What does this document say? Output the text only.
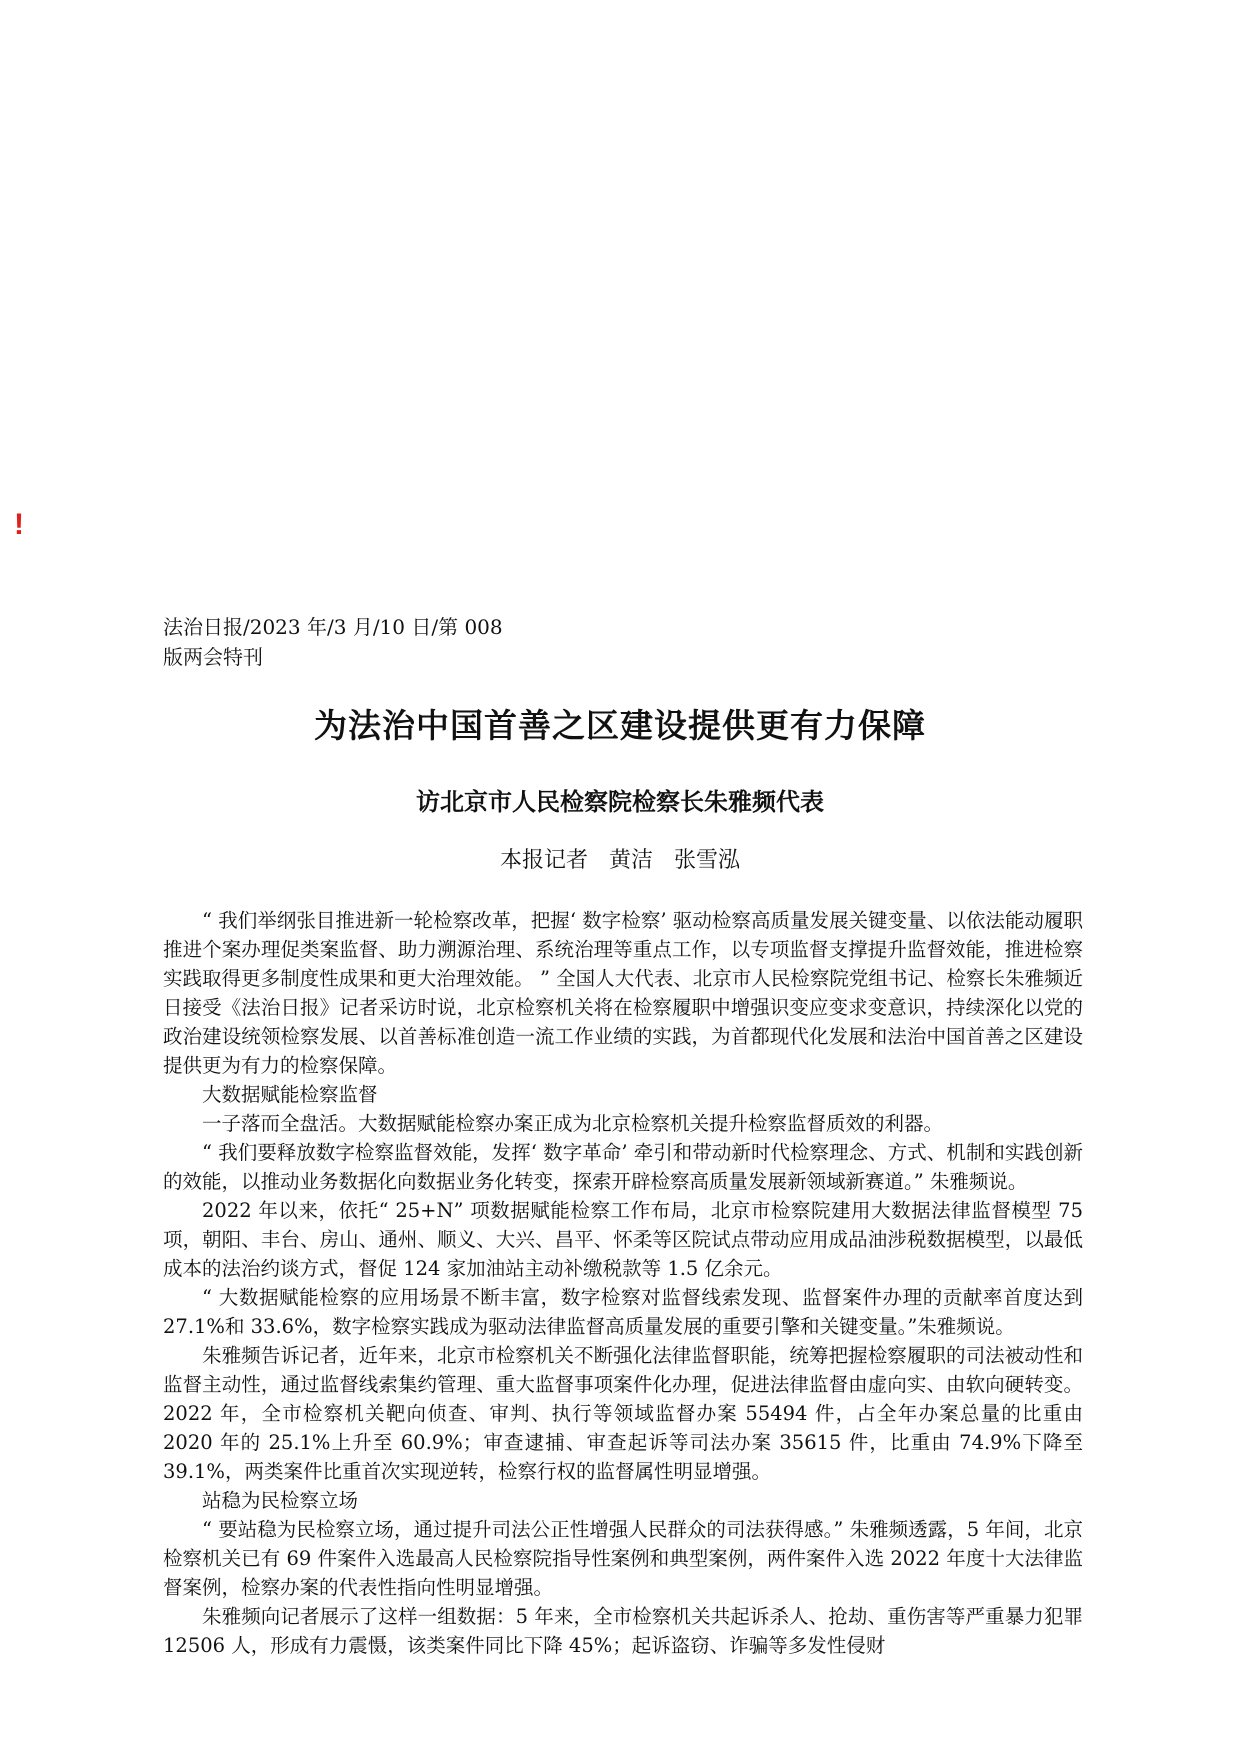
!
法治日报/2023 年/3 月/10 日/第 008 版两会特刊
为法治中国首善之区建设提供更有力保障
访北京市人民检察院检察长朱雅频代表
本报记者 黄洁 张雪泓

“ 我们举纲张目推进新一轮检察改革，把握‘ 数字检察’ 驱动检察高质量发展关键变量、以依法能动履职推进个案办理促类案监督、助力溯源治理、系统治理等重点工作，以专项监督支撑提升监督效能，推进检察实践取得更多制度性成果和更大治理效能。 ” 全国人大代表、北京市人民检察院党组书记、检察长朱雅频近日接受《法治日报》记者采访时说，北京检察机关将在检察履职中增强识变应变求变意识，持续深化以党的政治建设统领检察发展、以首善标准创造一流工作业绩的实践，为首都现代化发展和法治中国首善之区建设提供更为有力的检察保障。

大数据赋能检察监督

一子落而全盘活。大数据赋能检察办案正成为北京检察机关提升检察监督质效的利器。

“ 我们要释放数字检察监督效能，发挥‘ 数字革命’ 牵引和带动新时代检察理念、方式、机制和实践创新的效能，以推动业务数据化向数据业务化转变，探索开辟检察高质量发展新领域新赛道。” 朱雅频说。

2022 年以来，依托“ 25+N” 项数据赋能检察工作布局，北京市检察院建用大数据法律监督模型 75 项，朝阳、丰台、房山、通州、顺义、大兴、昌平、怀柔等区院试点带动应用成品油涉税数据模型，以最低成本的法治约谈方式，督促 124 家加油站主动补缴税款等 1.5 亿余元。

“ 大数据赋能检察的应用场景不断丰富，数字检察对监督线索发现、监督案件办理的贡献率首度达到 27.1%和 33.6%，数字检察实践成为驱动法律监督高质量发展的重要引擎和关键变量。”朱雅频说。

朱雅频告诉记者，近年来，北京市检察机关不断强化法律监督职能，统筹把握检察履职的司法被动性和监督主动性，通过监督线索集约管理、重大监督事项案件化办理，促进法律监督由虚向实、由软向硬转变。2022 年，全市检察机关靶向侦查、审判、执行等领域监督办案 55494 件，占全年办案总量的比重由 2020 年的 25.1%上升至 60.9%；审查逮捕、审查起诉等司法办案 35615 件，比重由 74.9%下降至 39.1%，两类案件比重首次实现逆转，检察行权的监督属性明显增强。

站稳为民检察立场

“ 要站稳为民检察立场，通过提升司法公正性增强人民群众的司法获得感。” 朱雅频透露，5 年间，北京检察机关已有 69 件案件入选最高人民检察院指导性案例和典型案例，两件案件入选 2022 年度十大法律监督案例，检察办案的代表性指向性明显增强。

朱雅频向记者展示了这样一组数据：5 年来，全市检察机关共起诉杀人、抢劫、重伤害等严重暴力犯罪 12506 人，形成有力震慑，该类案件同比下降 45%；起诉盗窃、诈骗等多发性侵财
